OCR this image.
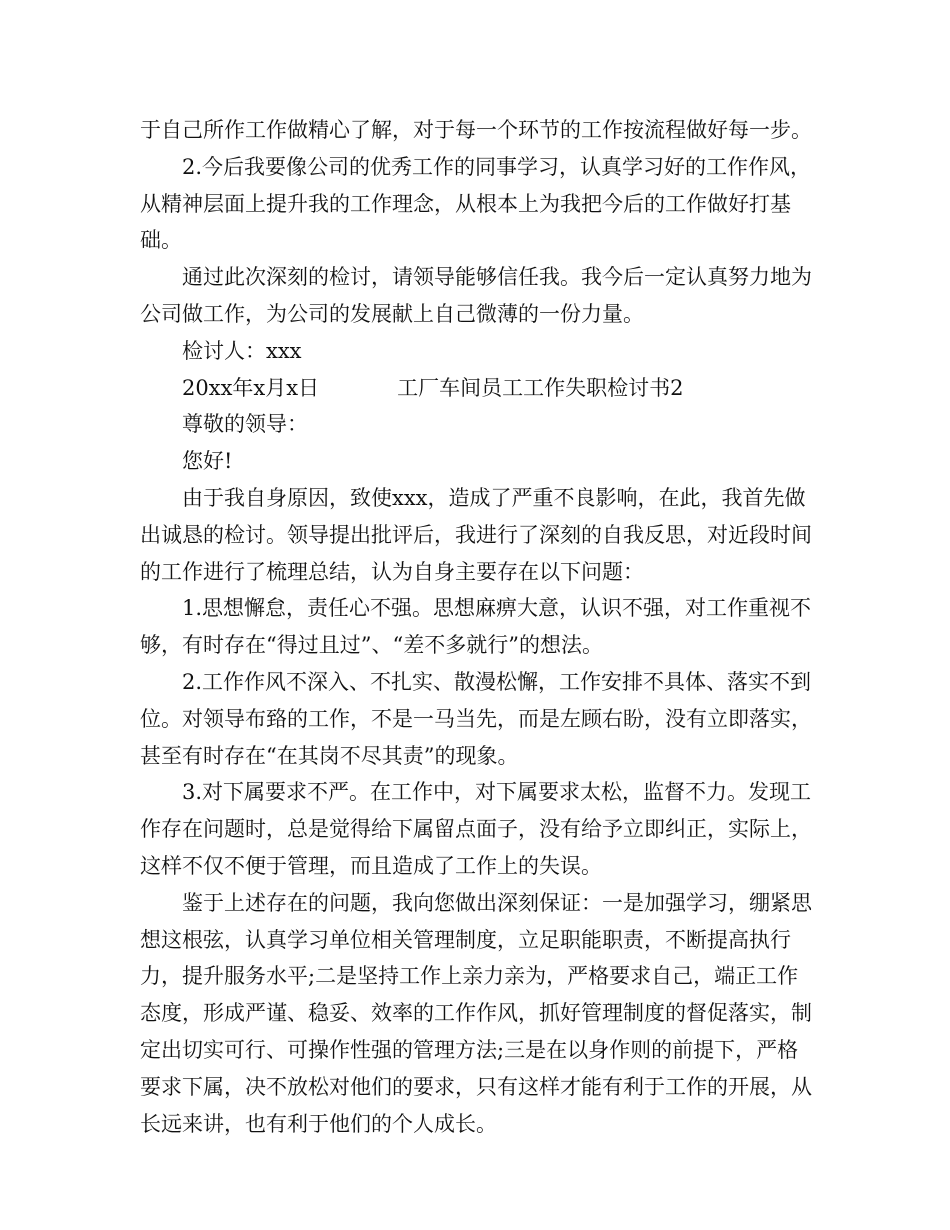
于自己所作工作做精心了解，对于每一个环节的工作按流程做好每一步。

2.今后我要像公司的优秀工作的同事学习，认真学习好的工作作风，从精神层面上提升我的工作理念，从根本上为我把今后的工作做好打基础。

通过此次深刻的检讨，请领导能够信任我。我今后一定认真努力地为公司做工作，为公司的发展献上自己微薄的一份力量。

检讨人：xxx

20xx年x月x日	工厂车间员工工作失职检讨书2

尊敬的领导：

您好!

由于我自身原因，致使xxx，造成了严重不良影响，在此，我首先做出诚恳的检讨。领导提出批评后，我进行了深刻的自我反思，对近段时间的工作进行了梳理总结，认为自身主要存在以下问题：

1.思想懈怠，责任心不强。思想麻痹大意，认识不强，对工作重视不够，有时存在“得过且过”、“差不多就行”的想法。

2.工作作风不深入、不扎实、散漫松懈，工作安排不具体、落实不到位。对领导布臵的工作，不是一马当先，而是左顾右盼，没有立即落实，甚至有时存在“在其岗不尽其责”的现象。

3.对下属要求不严。在工作中，对下属要求太松，监督不力。发现工作存在问题时，总是觉得给下属留点面子，没有给予立即纠正，实际上，这样不仅不便于管理，而且造成了工作上的失误。

鉴于上述存在的问题，我向您做出深刻保证：一是加强学习，绷紧思想这根弦，认真学习单位相关管理制度，立足职能职责，不断提高执行力，提升服务水平;二是坚持工作上亲力亲为，严格要求自己，端正工作态度，形成严谨、稳妥、效率的工作作风，抓好管理制度的督促落实，制定出切实可行、可操作性强的管理方法;三是在以身作则的前提下，严格要求下属，决不放松对他们的要求，只有这样才能有利于工作的开展，从长远来讲，也有利于他们的个人成长。
